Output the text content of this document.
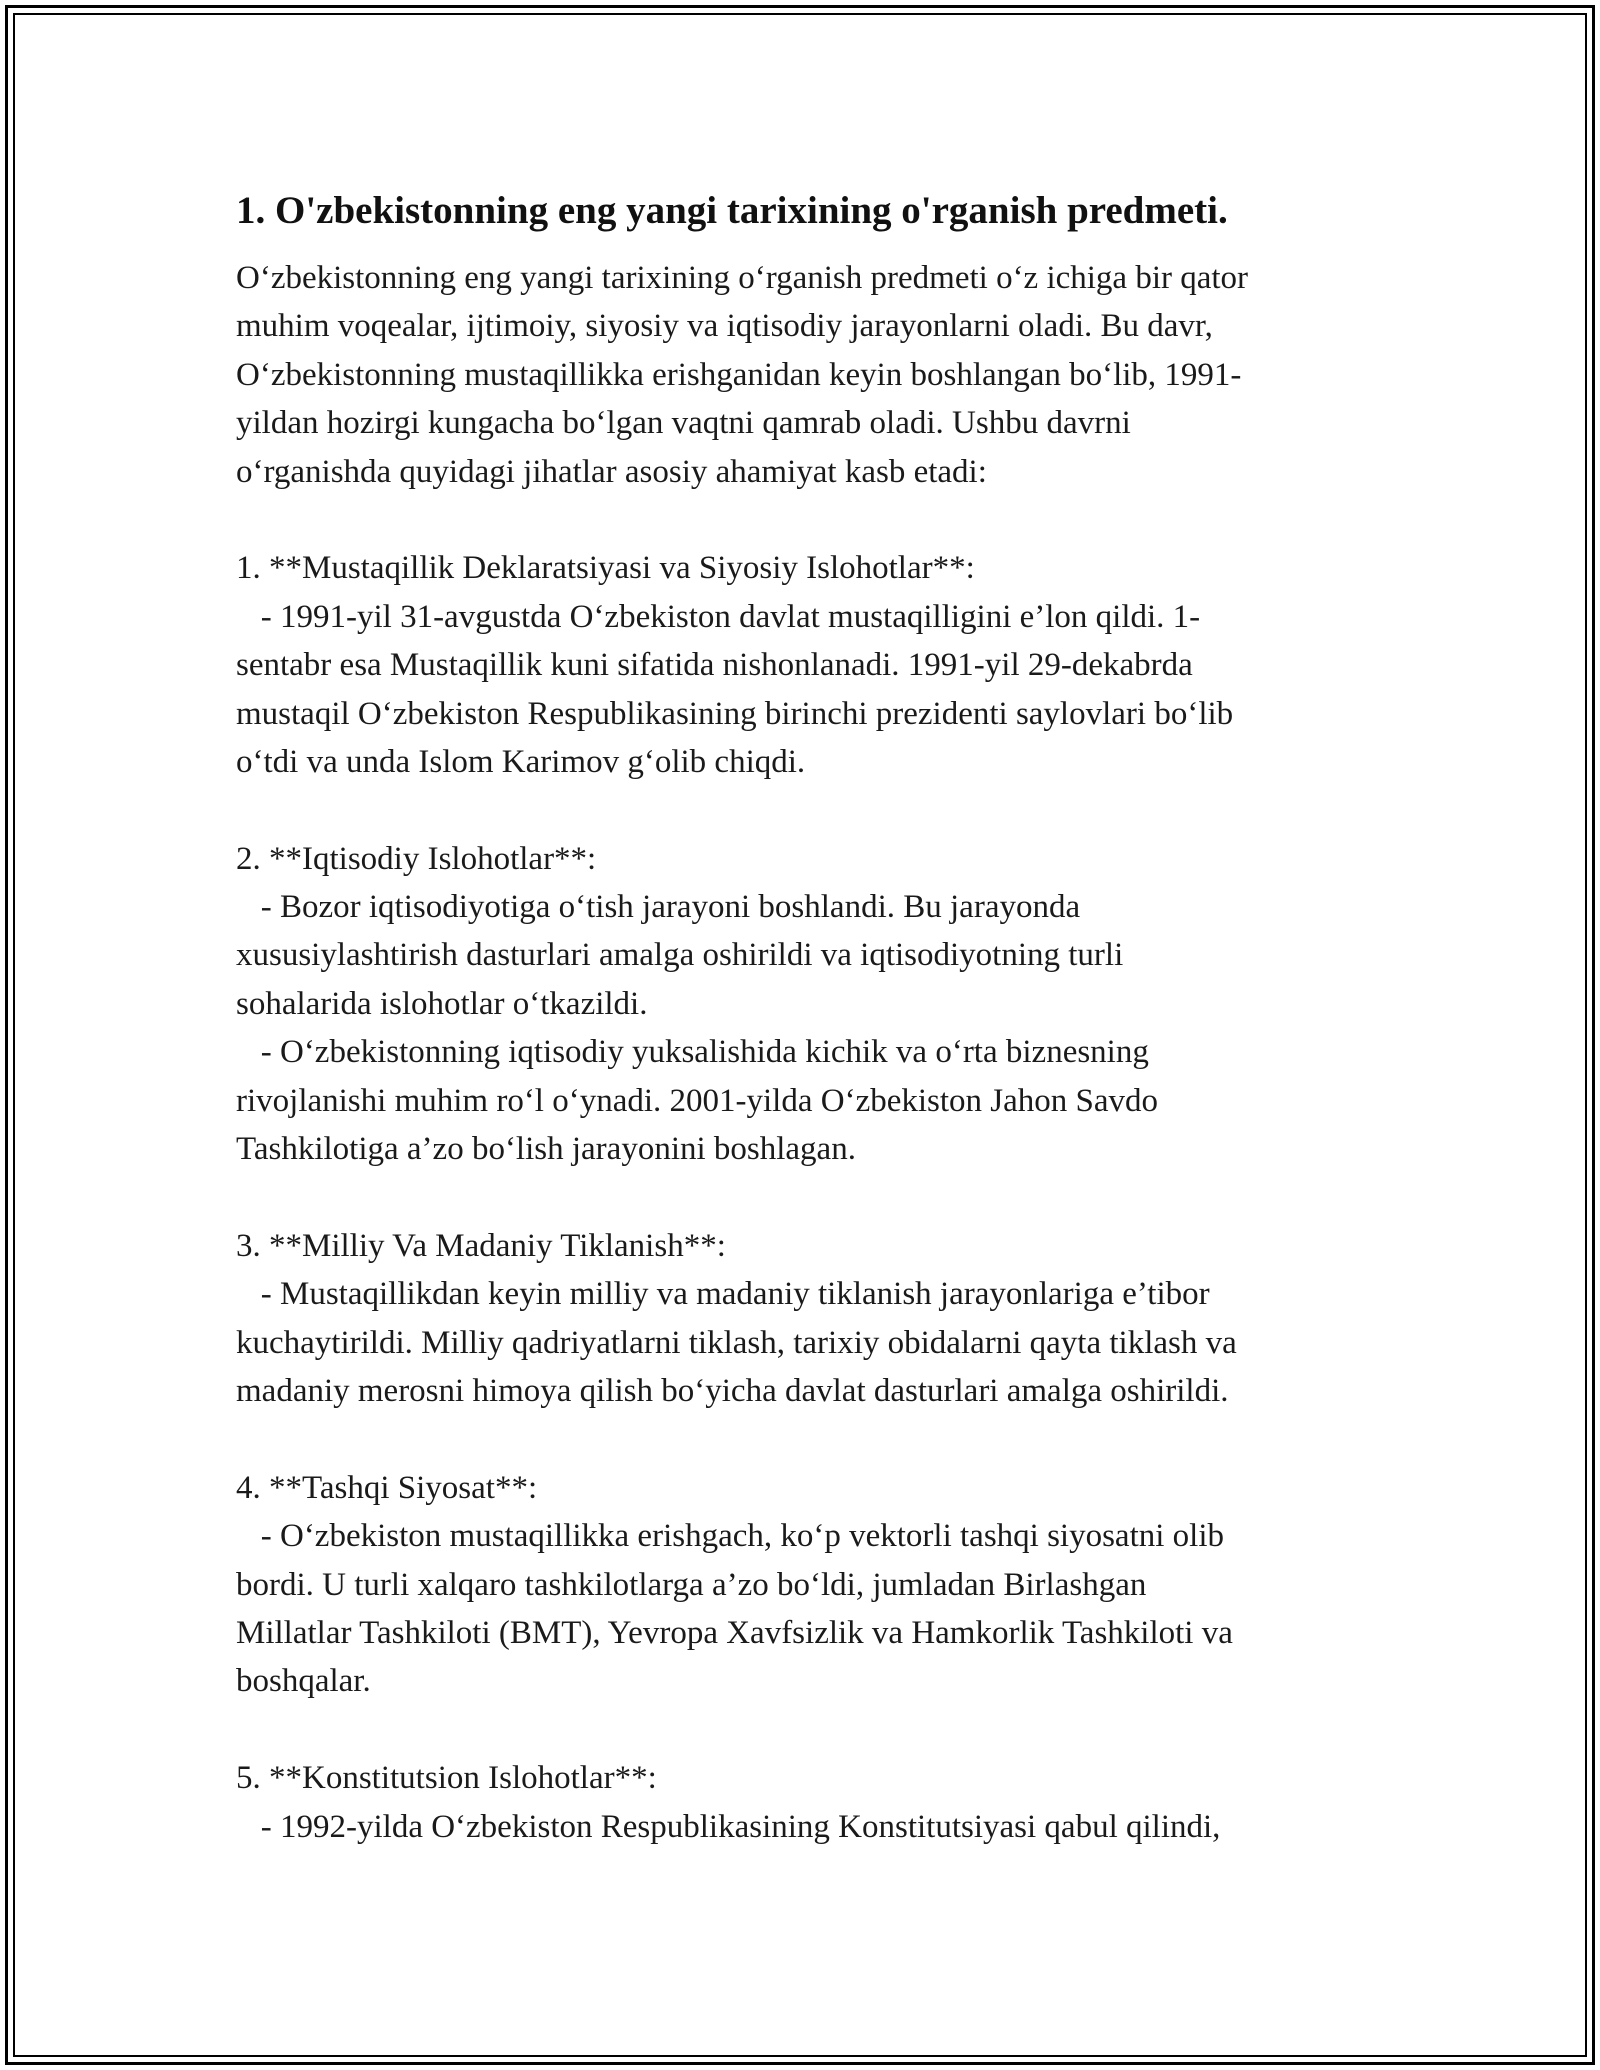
1. O'zbekistonning eng yangi tarixining o'rganish predmeti.
Oʻzbekistonning eng yangi tarixining oʻrganish predmeti oʻz ichiga bir qator
muhim voqealar, ijtimoiy, siyosiy va iqtisodiy jarayonlarni oladi. Bu davr,
Oʻzbekistonning mustaqillikka erishganidan keyin boshlangan boʻlib, 1991-
yildan hozirgi kungacha boʻlgan vaqtni qamrab oladi. Ushbu davrni
oʻrganishda quyidagi jihatlar asosiy ahamiyat kasb etadi:
1. **Mustaqillik Deklaratsiyasi va Siyosiy Islohotlar**:
- 1991-yil 31-avgustda Oʻzbekiston davlat mustaqilligini e’lon qildi. 1-
sentabr esa Mustaqillik kuni sifatida nishonlanadi. 1991-yil 29-dekabrda
mustaqil Oʻzbekiston Respublikasining birinchi prezidenti saylovlari boʻlib
oʻtdi va unda Islom Karimov gʻolib chiqdi.
2. **Iqtisodiy Islohotlar**:
- Bozor iqtisodiyotiga oʻtish jarayoni boshlandi. Bu jarayonda
xususiylashtirish dasturlari amalga oshirildi va iqtisodiyotning turli
sohalarida islohotlar oʻtkazildi.
- Oʻzbekistonning iqtisodiy yuksalishida kichik va oʻrta biznesning
rivojlanishi muhim roʻl oʻynadi. 2001-yilda Oʻzbekiston Jahon Savdo
Tashkilotiga a’zo boʻlish jarayonini boshlagan.
3. **Milliy Va Madaniy Tiklanish**:
- Mustaqillikdan keyin milliy va madaniy tiklanish jarayonlariga e’tibor
kuchaytirildi. Milliy qadriyatlarni tiklash, tarixiy obidalarni qayta tiklash va
madaniy merosni himoya qilish boʻyicha davlat dasturlari amalga oshirildi.
4. **Tashqi Siyosat**:
- Oʻzbekiston mustaqillikka erishgach, koʻp vektorli tashqi siyosatni olib
bordi. U turli xalqaro tashkilotlarga a’zo boʻldi, jumladan Birlashgan
Millatlar Tashkiloti (BMT), Yevropa Xavfsizlik va Hamkorlik Tashkiloti va
boshqalar.
5. **Konstitutsion Islohotlar**:
- 1992-yilda Oʻzbekiston Respublikasining Konstitutsiyasi qabul qilindi,
